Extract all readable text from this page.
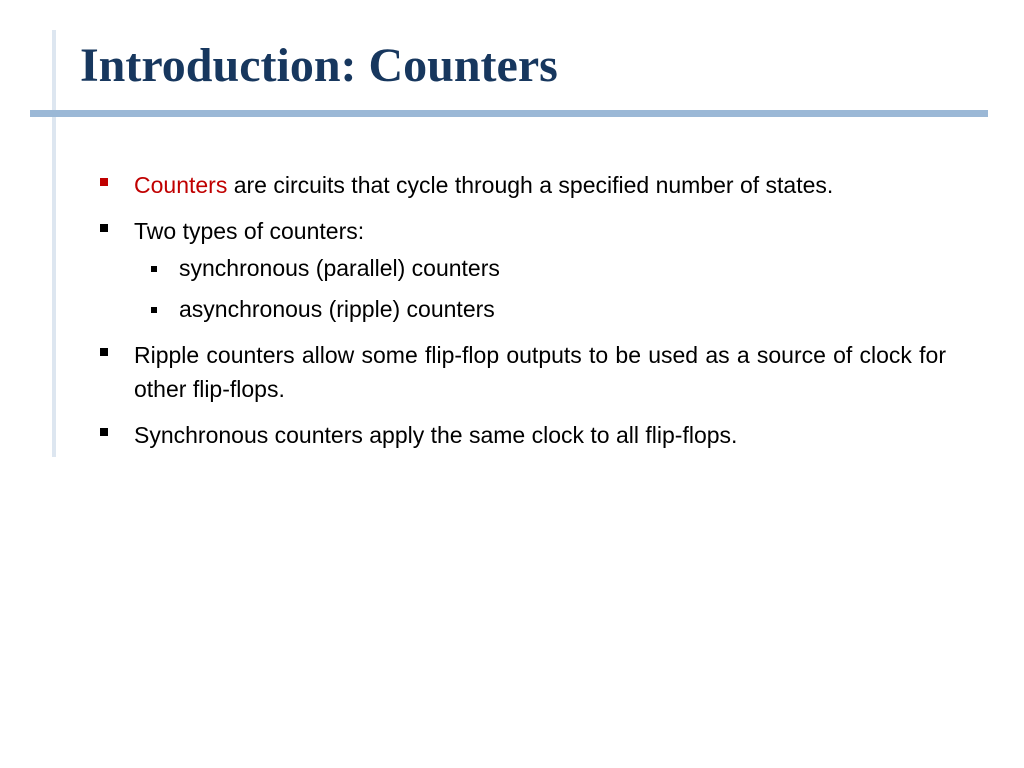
Introduction: Counters
Counters are circuits that cycle through a specified number of states.
Two types of counters:
synchronous (parallel) counters
asynchronous (ripple) counters
Ripple counters allow some flip-flop outputs to be used as a source of clock for other flip-flops.
Synchronous counters apply the same clock to all flip-flops.
